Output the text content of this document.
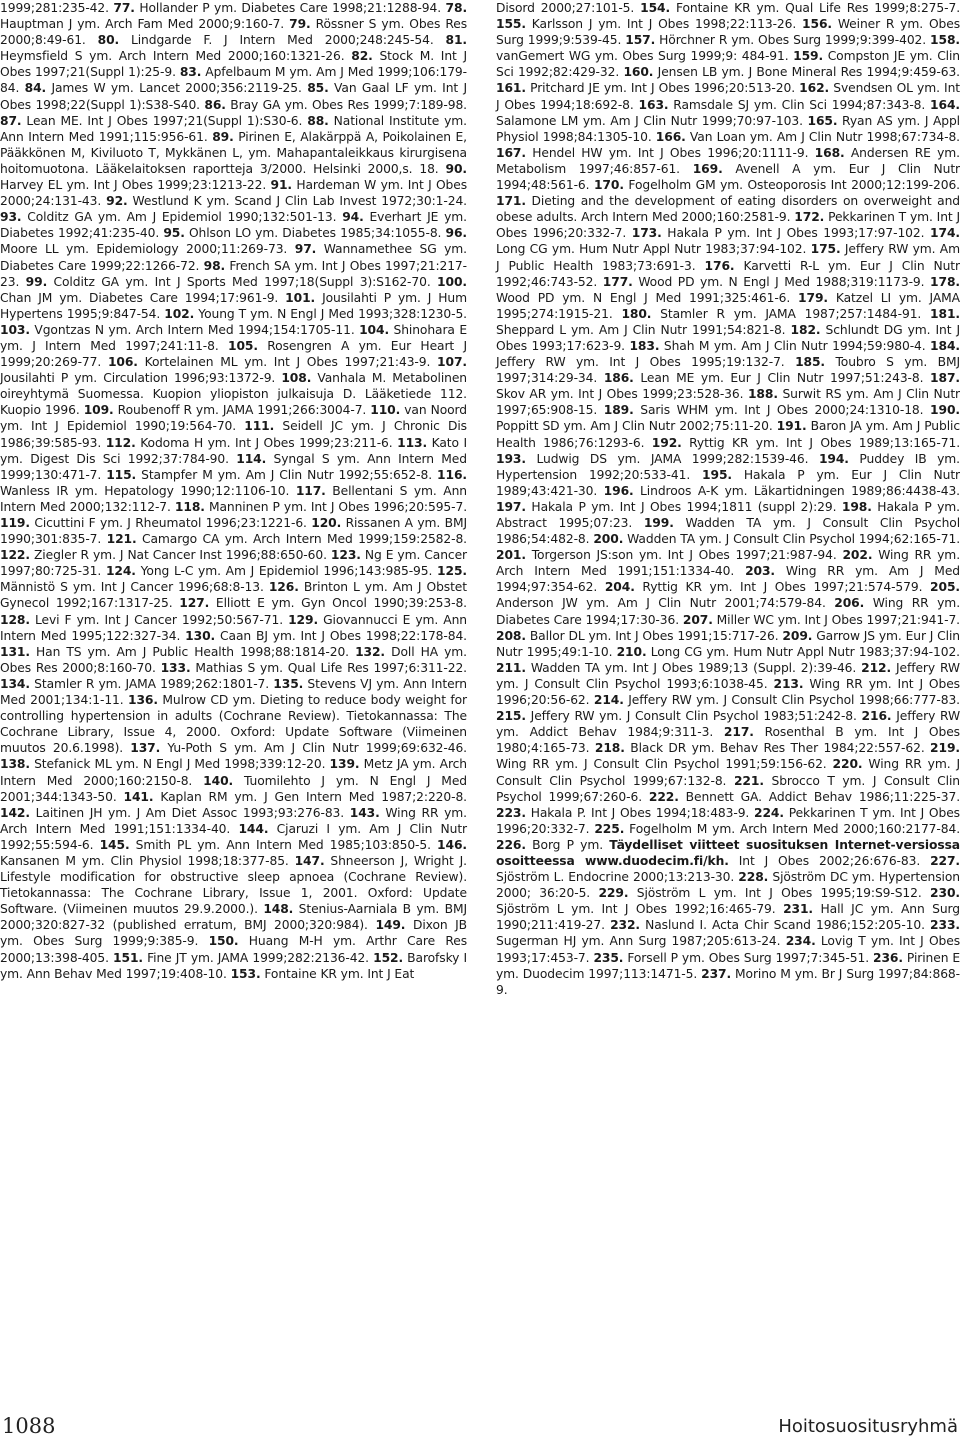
1999;281:235-42. 77. Hollander P ym. Diabetes Care 1998;21:1288-94. 78. Hauptman J ym. Arch Fam Med 2000;9:160-7. 79. Rössner S ym. Obes Res 2000;8:49-61. 80. Lindgarde F. J Intern Med 2000;248:245-54. 81. Heymsfield S ym. Arch Intern Med 2000;160:1321-26. 82. Stock M. Int J Obes 1997;21(Suppl 1):25-9. 83. Apfelbaum M ym. Am J Med 1999;106:179-84. 84. James W ym. Lancet 2000;356:2119-25. 85. Van Gaal LF ym. Int J Obes 1998;22(Suppl 1):S38-S40. 86. Bray GA ym. Obes Res 1999;7:189-98. 87. Lean ME. Int J Obes 1997;21(Suppl 1):S30-6. 88. National Institute ym. Ann Intern Med 1991;115:956-61. 89. Pirinen E, Alakärppä A, Poikolainen E, Pääkkönen M, Kiviluoto T, Mykkänen L, ym. Mahapantaleikkaus kirurgisena hoitomuotona. Lääkelaitoksen raportteja 3/2000. Helsinki 2000,s. 18. 90. Harvey EL ym. Int J Obes 1999;23:1213-22. 91. Hardeman W ym. Int J Obes 2000;24:131-43. 92. Westlund K ym. Scand J Clin Lab Invest 1972;30:1-24. 93. Colditz GA ym. Am J Epidemiol 1990;132:501-13. 94. Everhart JE ym. Diabetes 1992;41:235-40. 95. Ohlson LO ym. Diabetes 1985;34:1055-8. 96. Moore LL ym. Epidemiology 2000;11:269-73. 97. Wannamethee SG ym. Diabetes Care 1999;22:1266-72. 98. French SA ym. Int J Obes 1997;21:217-23. 99. Colditz GA ym. Int J Sports Med 1997;18(Suppl 3):S162-70. 100. Chan JM ym. Diabetes Care 1994;17:961-9. 101. Jousilahti P ym. J Hum Hypertens 1995;9:847-54. 102. Young T ym. N Engl J Med 1993;328:1230-5. 103. Vgontzas N ym. Arch Intern Med 1994;154:1705-11. 104. Shinohara E ym. J Intern Med 1997;241:11-8. 105. Rosengren A ym. Eur Heart J 1999;20:269-77. 106. Kortelainen ML ym. Int J Obes 1997;21:43-9. 107. Jousilahti P ym. Circulation 1996;93:1372-9. 108. Vanhala M. Metabolinen oireyhtymä Suomessa. Kuopion yliopiston julkaisuja D. Lääketiede 112. Kuopio 1996. 109. Roubenoff R ym. JAMA 1991;266:3004-7. 110. van Noord ym. Int J Epidemiol 1990;19:564-70. 111. Seidell JC ym. J Chronic Dis 1986;39:585-93. 112. Kodoma H ym. Int J Obes 1999;23:211-6. 113. Kato I ym. Digest Dis Sci 1992;37:784-90. 114. Syngal S ym. Ann Intern Med 1999;130:471-7. 115. Stampfer M ym. Am J Clin Nutr 1992;55:652-8. 116. Wanless IR ym. Hepatology 1990;12:1106-10. 117. Bellentani S ym. Ann Intern Med 2000;132:112-7. 118. Manninen P ym. Int J Obes 1996;20:595-7. 119. Cicuttini F ym. J Rheumatol 1996;23:1221-6. 120. Rissanen A ym. BMJ 1990;301:835-7. 121. Camargo CA ym. Arch Intern Med 1999;159:2582-8. 122. Ziegler R ym. J Nat Cancer Inst 1996;88:650-60. 123. Ng E ym. Cancer 1997;80:725-31. 124. Yong L-C ym. Am J Epidemiol 1996;143:985-95. 125. Männistö S ym. Int J Cancer 1996;68:8-13. 126. Brinton L ym. Am J Obstet Gynecol 1992;167:1317-25. 127. Elliott E ym. Gyn Oncol 1990;39:253-8. 128. Levi F ym. Int J Cancer 1992;50:567-71. 129. Giovannucci E ym. Ann Intern Med 1995;122:327-34. 130. Caan BJ ym. Int J Obes 1998;22:178-84. 131. Han TS ym. Am J Public Health 1998;88:1814-20. 132. Doll HA ym. Obes Res 2000;8:160-70. 133. Mathias S ym. Qual Life Res 1997;6:311-22. 134. Stamler R ym. JAMA 1989;262:1801-7. 135. Stevens VJ ym. Ann Intern Med 2001;134:1-11. 136. Mulrow CD ym. Dieting to reduce body weight for controlling hypertension in adults (Cochrane Review). Tietokannassa: The Cochrane Library, Issue 4, 2000. Oxford: Update Software (Viimeinen muutos 20.6.1998). 137. Yu-Poth S ym. Am J Clin Nutr 1999;69:632-46. 138. Stefanick ML ym. N Engl J Med 1998;339:12-20. 139. Metz JA ym. Arch Intern Med 2000;160:2150-8. 140. Tuomilehto J ym. N Engl J Med 2001;344:1343-50. 141. Kaplan RM ym. J Gen Intern Med 1987;2:220-8. 142. Laitinen JH ym. J Am Diet Assoc 1993;93:276-83. 143. Wing RR ym. Arch Intern Med 1991;151:1334-40. 144. Cjaruzi I ym. Am J Clin Nutr 1992;55:594-6. 145. Smith PL ym. Ann Intern Med 1985;103:850-5. 146. Kansanen M ym. Clin Physiol 1998;18:377-85. 147. Shneerson J, Wright J. Lifestyle modification for obstructive sleep apnoea (Cochrane Review). Tietokannassa: The Cochrane Library, Issue 1, 2001. Oxford: Update Software. (Viimeinen muutos 29.9.2000.). 148. Stenius-Aarniala B ym. BMJ 2000;320:827-32 (published erratum, BMJ 2000;320:984). 149. Dixon JB ym. Obes Surg 1999;9:385-9. 150. Huang M-H ym. Arthr Care Res 2000;13:398-405. 151. Fine JT ym. JAMA 1999;282:2136-42. 152. Barofsky I ym. Ann Behav Med 1997;19:408-10. 153. Fontaine KR ym. Int J Eat
Disord 2000;27:101-5. 154. Fontaine KR ym. Qual Life Res 1999;8:275-7. 155. Karlsson J ym. Int J Obes 1998;22:113-26. 156. Weiner R ym. Obes Surg 1999;9:539-45. 157. Hörchner R ym. Obes Surg 1999;9:399-402. 158. vanGemert WG ym. Obes Surg 1999;9: 484-91. 159. Compston JE ym. Clin Sci 1992;82:429-32. 160. Jensen LB ym. J Bone Mineral Res 1994;9:459-63. 161. Pritchard JE ym. Int J Obes 1996;20:513-20. 162. Svendsen OL ym. Int J Obes 1994;18:692-8. 163. Ramsdale SJ ym. Clin Sci 1994;87:343-8. 164. Salamone LM ym. Am J Clin Nutr 1999;70:97-103. 165. Ryan AS ym. J Appl Physiol 1998;84:1305-10. 166. Van Loan ym. Am J Clin Nutr 1998;67:734-8. 167. Hendel HW ym. Int J Obes 1996;20:1111-9. 168. Andersen RE ym. Metabolism 1997;46:857-61. 169. Avenell A ym. Eur J Clin Nutr 1994;48:561-6. 170. Fogelholm GM ym. Osteoporosis Int 2000;12:199-206. 171. Dieting and the development of eating disorders on overweight and obese adults. Arch Intern Med 2000;160:2581-9. 172. Pekkarinen T ym. Int J Obes 1996;20:332-7. 173. Hakala P ym. Int J Obes 1993;17:97-102. 174. Long CG ym. Hum Nutr Appl Nutr 1983;37:94-102. 175. Jeffery RW ym. Am J Public Health 1983;73:691-3. 176. Karvetti R-L ym. Eur J Clin Nutr 1992;46:743-52. 177. Wood PD ym. N Engl J Med 1988;319:1173-9. 178. Wood PD ym. N Engl J Med 1991;325:461-6. 179. Katzel LI ym. JAMA 1995;274:1915-21. 180. Stamler R ym. JAMA 1987;257:1484-91. 181. Sheppard L ym. Am J Clin Nutr 1991;54:821-8. 182. Schlundt DG ym. Int J Obes 1993;17:623-9. 183. Shah M ym. Am J Clin Nutr 1994;59:980-4. 184. Jeffery RW ym. Int J Obes 1995;19:132-7. 185. Toubro S ym. BMJ 1997;314:29-34. 186. Lean ME ym. Eur J Clin Nutr 1997;51:243-8. 187. Skov AR ym. Int J Obes 1999;23:528-36. 188. Surwit RS ym. Am J Clin Nutr 1997;65:908-15. 189. Saris WHM ym. Int J Obes 2000;24:1310-18. 190. Poppitt SD ym. Am J Clin Nutr 2002;75:11-20. 191. Baron JA ym. Am J Public Health 1986;76:1293-6. 192. Ryttig KR ym. Int J Obes 1989;13:165-71. 193. Ludwig DS ym. JAMA 1999;282:1539-46. 194. Puddey IB ym. Hypertension 1992;20:533-41. 195. Hakala P ym. Eur J Clin Nutr 1989;43:421-30. 196. Lindroos A-K ym. Läkartidningen 1989;86:4438-43. 197. Hakala P ym. Int J Obes 1994;1811 (suppl 2):29. 198. Hakala P ym. Abstract 1995;07:23. 199. Wadden TA ym. J Consult Clin Psychol 1986;54:482-8. 200. Wadden TA ym. J Consult Clin Psychol 1994;62:165-71. 201. Torgerson JS:son ym. Int J Obes 1997;21:987-94. 202. Wing RR ym. Arch Intern Med 1991;151:1334-40. 203. Wing RR ym. Am J Med 1994;97:354-62. 204. Ryttig KR ym. Int J Obes 1997;21:574-579. 205. Anderson JW ym. Am J Clin Nutr 2001;74:579-84. 206. Wing RR ym. Diabetes Care 1994;17:30-36. 207. Miller WC ym. Int J Obes 1997;21:941-7. 208. Ballor DL ym. Int J Obes 1991;15:717-26. 209. Garrow JS ym. Eur J Clin Nutr 1995;49:1-10. 210. Long CG ym. Hum Nutr Appl Nutr 1983;37:94-102. 211. Wadden TA ym. Int J Obes 1989;13 (Suppl. 2):39-46. 212. Jeffery RW ym. J Consult Clin Psychol 1993;6:1038-45. 213. Wing RR ym. Int J Obes 1996;20:56-62. 214. Jeffery RW ym. J Consult Clin Psychol 1998;66:777-83. 215. Jeffery RW ym. J Consult Clin Psychol 1983;51:242-8. 216. Jeffery RW ym. Addict Behav 1984;9:311-3. 217. Rosenthal B ym. Int J Obes 1980;4:165-73. 218. Black DR ym. Behav Res Ther 1984;22:557-62. 219. Wing RR ym. J Consult Clin Psychol 1991;59:156-62. 220. Wing RR ym. J Consult Clin Psychol 1999;67:132-8. 221. Sbrocco T ym. J Consult Clin Psychol 1999;67:260-6. 222. Bennett GA. Addict Behav 1986;11:225-37. 223. Hakala P. Int J Obes 1994;18:483-9. 224. Pekkarinen T ym. Int J Obes 1996;20:332-7. 225. Fogelholm M ym. Arch Intern Med 2000;160:2177-84. 226. Borg P ym. Täydelliset viitteet suosituksen Internet-versiossa osoitteessa www.duodecim.fi/kh. Int J Obes 2002;26:676-83. 227. Sjöström L. Endocrine 2000;13:213-30. 228. Sjöström DC ym. Hypertension 2000; 36:20-5. 229. Sjöström L ym. Int J Obes 1995;19:S9-S12. 230. Sjöström L ym. Int J Obes 1992;16:465-79. 231. Hall JC ym. Ann Surg 1990;211:419-27. 232. Naslund I. Acta Chir Scand 1986;152:205-10. 233. Sugerman HJ ym. Ann Surg 1987;205:613-24. 234. Lovig T ym. Int J Obes 1993;17:453-7. 235. Forsell P ym. Obes Surg 1997;7:345-51. 236. Pirinen E ym. Duodecim 1997;113:1471-5. 237. Morino M ym. Br J Surg 1997;84:868-9.
1088	Hoitosuositusryhmä
